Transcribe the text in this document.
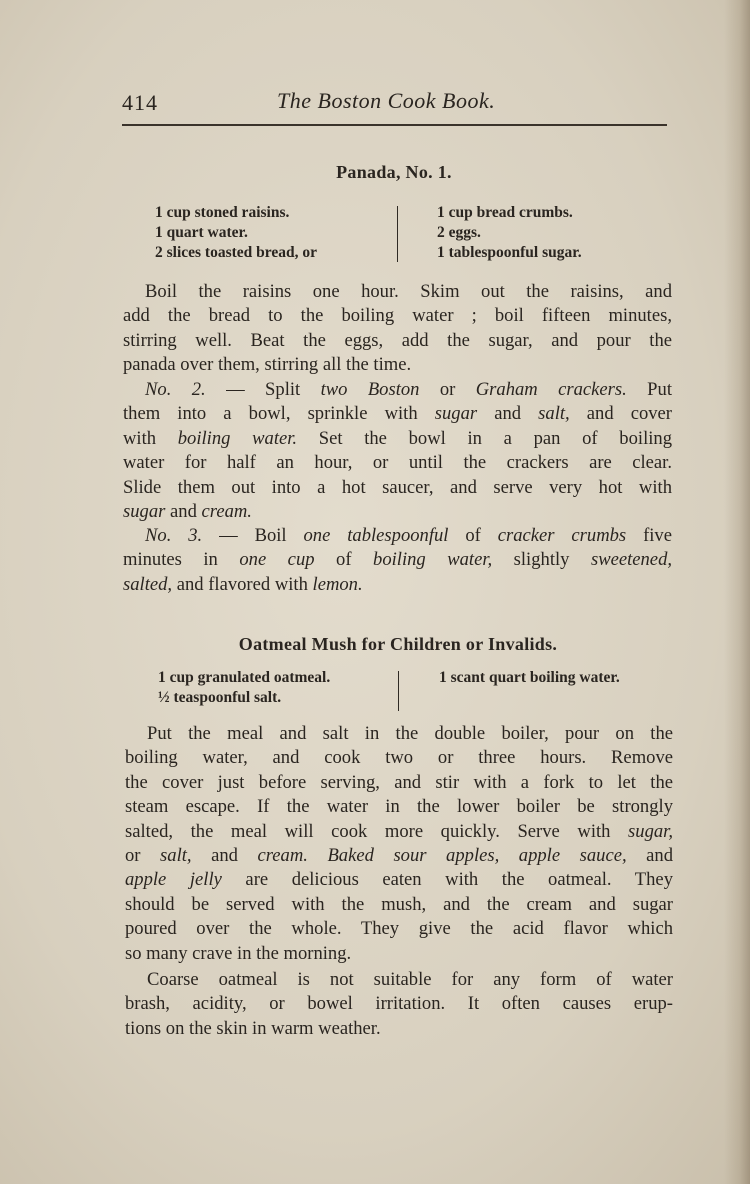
414	The Boston Cook Book.
Panada, No. 1.
1 cup stoned raisins.
1 quart water.
2 slices toasted bread, or
1 cup bread crumbs.
2 eggs.
1 tablespoonful sugar.
Boil the raisins one hour. Skim out the raisins, and
add the bread to the boiling water ; boil fifteen minutes,
stirring well. Beat the eggs, add the sugar, and pour the
panada over them, stirring all the time.
No. 2. — Split two Boston or Graham crackers. Put
them into a bowl, sprinkle with sugar and salt, and cover
with boiling water. Set the bowl in a pan of boiling
water for half an hour, or until the crackers are clear.
Slide them out into a hot saucer, and serve very hot with
sugar and cream.
No. 3. — Boil one tablespoonful of cracker crumbs five
minutes in one cup of boiling water, slightly sweetened,
salted, and flavored with lemon.
Oatmeal Mush for Children or Invalids.
1 cup granulated oatmeal.
½ teaspoonful salt.
1 scant quart boiling water.
Put the meal and salt in the double boiler, pour on the
boiling water, and cook two or three hours. Remove
the cover just before serving, and stir with a fork to let the
steam escape. If the water in the lower boiler be strongly
salted, the meal will cook more quickly. Serve with sugar,
or salt, and cream. Baked sour apples, apple sauce, and
apple jelly are delicious eaten with the oatmeal. They
should be served with the mush, and the cream and sugar
poured over the whole. They give the acid flavor which
so many crave in the morning.
Coarse oatmeal is not suitable for any form of water
brash, acidity, or bowel irritation. It often causes erup-
tions on the skin in warm weather.
